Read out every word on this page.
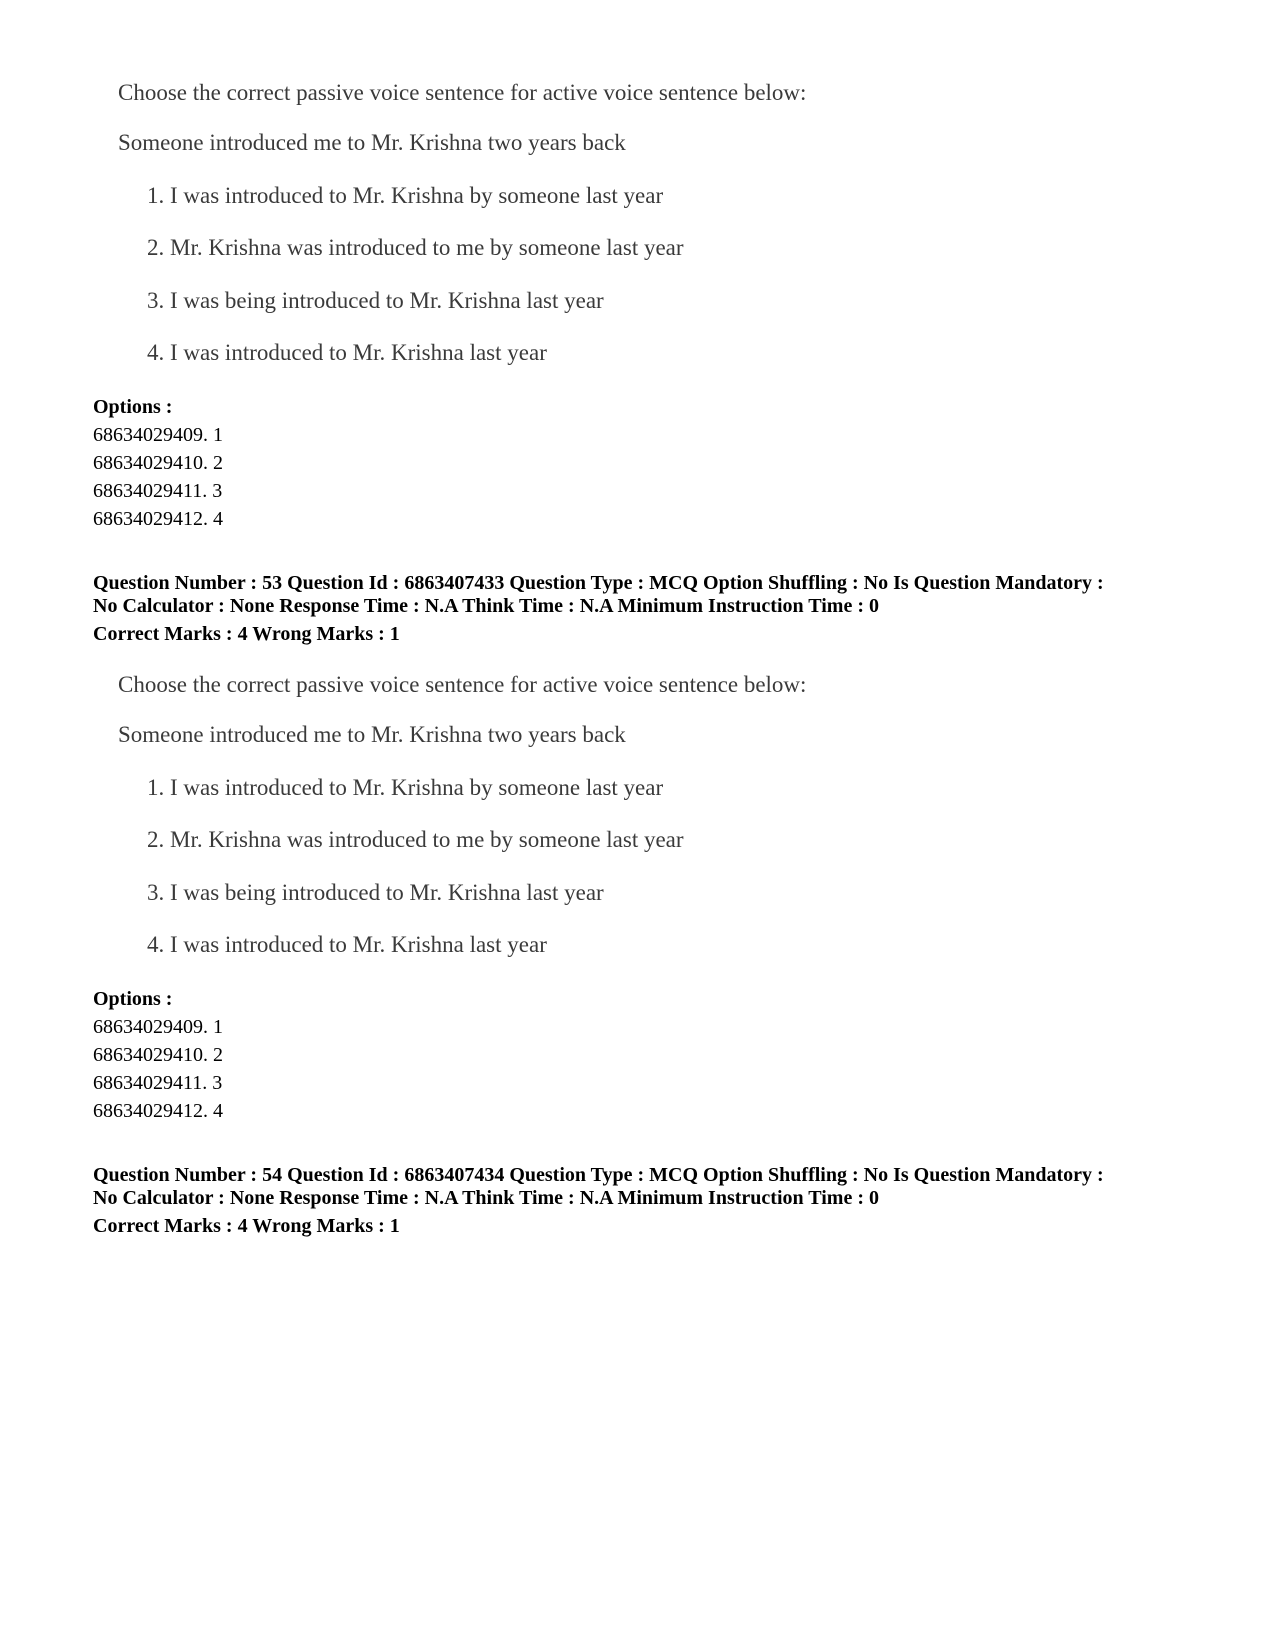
Choose the correct passive voice sentence for active voice sentence below:
Someone introduced me to Mr. Krishna two years back
1. I was introduced to Mr. Krishna by someone last year
2. Mr. Krishna was introduced to me by someone last year
3. I was being introduced to Mr. Krishna last year
4. I was introduced to Mr. Krishna last year
Options :
68634029409. 1
68634029410. 2
68634029411. 3
68634029412. 4
Question Number : 53 Question Id : 6863407433 Question Type : MCQ Option Shuffling : No Is Question Mandatory :
No Calculator : None Response Time : N.A Think Time : N.A Minimum Instruction Time : 0
Correct Marks : 4 Wrong Marks : 1
Choose the correct passive voice sentence for active voice sentence below:
Someone introduced me to Mr. Krishna two years back
1. I was introduced to Mr. Krishna by someone last year
2. Mr. Krishna was introduced to me by someone last year
3. I was being introduced to Mr. Krishna last year
4. I was introduced to Mr. Krishna last year
Options :
68634029409. 1
68634029410. 2
68634029411. 3
68634029412. 4
Question Number : 54 Question Id : 6863407434 Question Type : MCQ Option Shuffling : No Is Question Mandatory :
No Calculator : None Response Time : N.A Think Time : N.A Minimum Instruction Time : 0
Correct Marks : 4 Wrong Marks : 1
